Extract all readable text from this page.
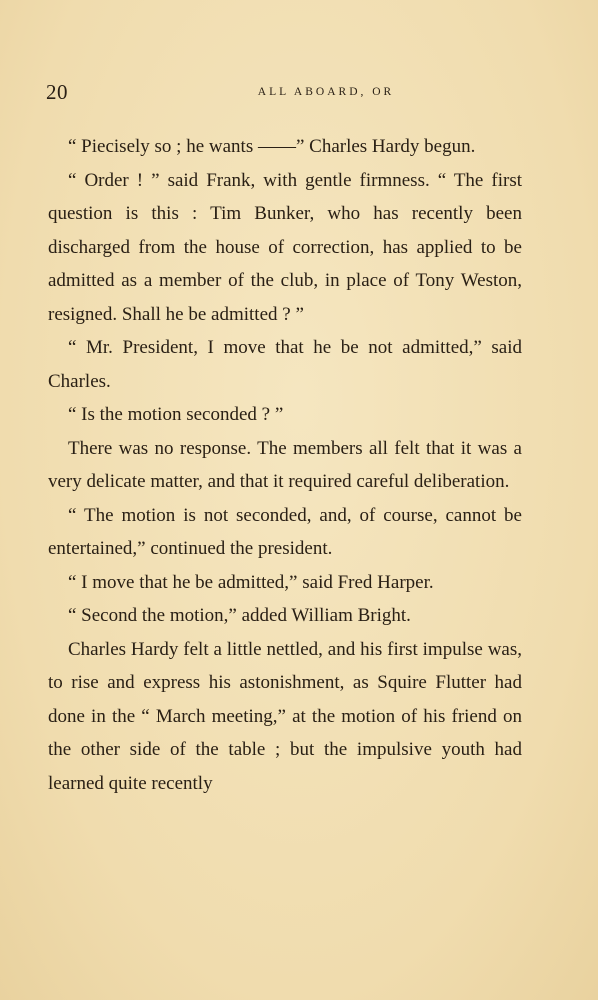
20	ALL ABOARD, OR

“ Piecisely so ; he wants ——” Charles Hardy begun.

“ Order ! ” said Frank, with gentle firmness. “ The first question is this : Tim Bunker, who has recently been discharged from the house of correction, has applied to be admitted as a member of the club, in place of Tony Weston, resigned. Shall he be admitted ? ”

“ Mr. President, I move that he be not admitted,” said Charles.

“ Is the motion seconded ? ”

There was no response. The members all felt that it was a very delicate matter, and that it required careful deliberation.

“ The motion is not seconded, and, of course, cannot be entertained,” continued the president.

“ I move that he be admitted,” said Fred Harper.

“ Second the motion,” added William Bright.

Charles Hardy felt a little nettled, and his first impulse was, to rise and express his astonishment, as Squire Flutter had done in the “ March meeting,” at the motion of his friend on the other side of the table ; but the impulsive youth had learned quite recently
